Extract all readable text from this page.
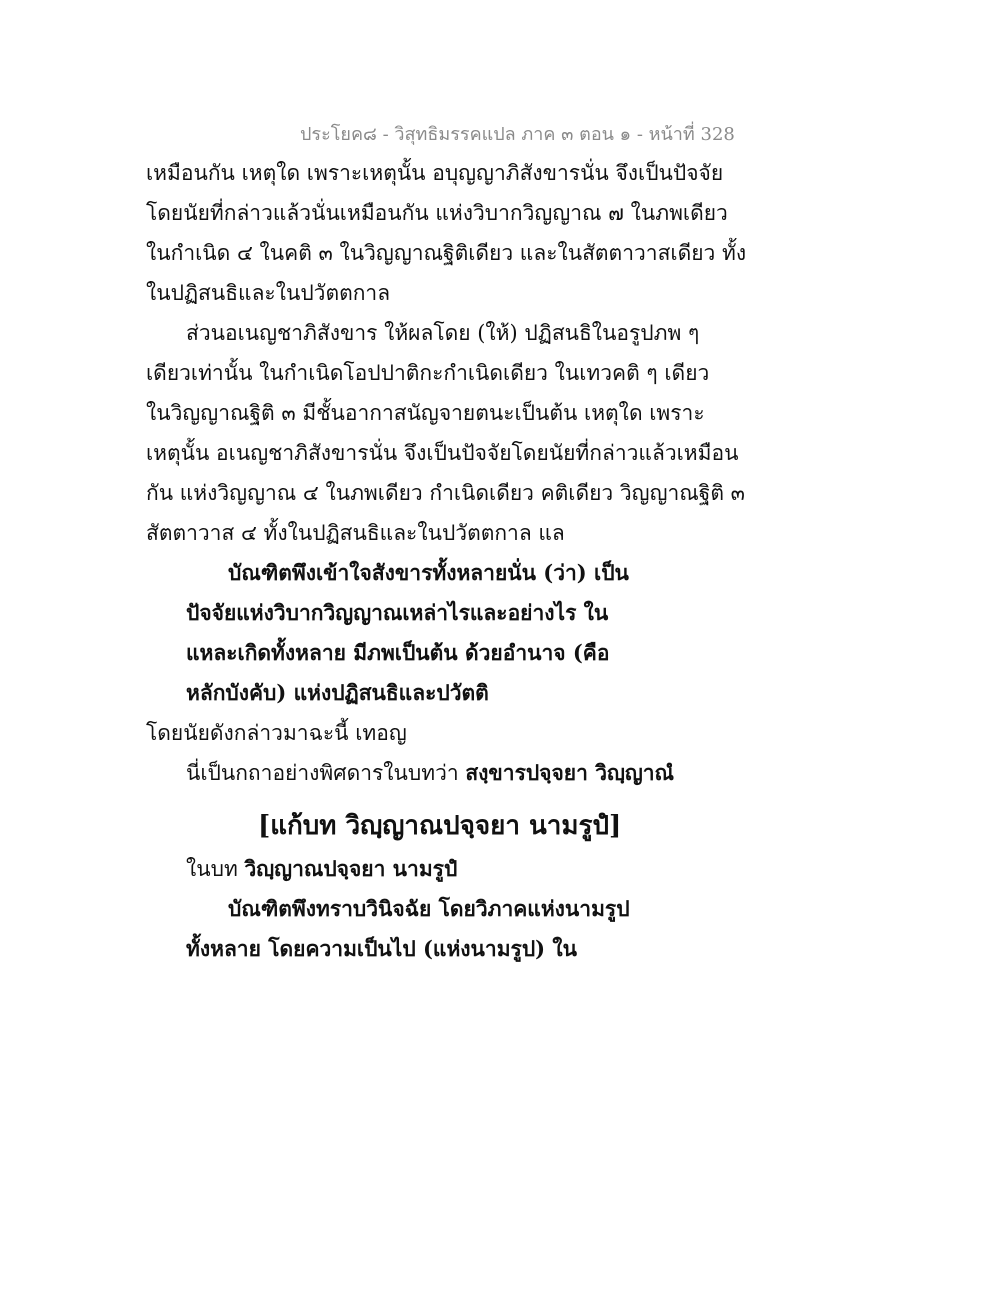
ประโยค๘ - วิสุทธิมรรคแปล ภาค ๓ ตอน ๑ - หน้าที่ 328
เหมือนกัน เหตุใด เพราะเหตุนั้น อบุญญาภิสังขารนั่น จึงเป็นปัจจัย
โดยนัยที่กล่าวแล้วนั่นเหมือนกัน แห่งวิบากวิญญาณ ๗ ในภพเดียว
ในกำเนิด ๔ ในคติ ๓ ในวิญญาณฐิติเดียว และในสัตตาวาสเดียว ทั้ง
ในปฏิสนธิและในปวัตตกาล
ส่วนอเนญชาภิสังขาร ให้ผลโดย (ให้) ปฏิสนธิในอรูปภพ ๆ
เดียวเท่านั้น ในกำเนิดโอปปาติกะกำเนิดเดียว ในเทวคติ ๆ เดียว
ในวิญญาณฐิติ ๓ มีชั้นอากาสนัญจายตนะเป็นต้น เหตุใด เพราะ
เหตุนั้น อเนญชาภิสังขารนั่น จึงเป็นปัจจัยโดยนัยที่กล่าวแล้วเหมือน
กัน แห่งวิญญาณ ๔ ในภพเดียว กำเนิดเดียว คติเดียว วิญญาณฐิติ ๓
สัตตาวาส ๔ ทั้งในปฏิสนธิและในปวัตตกาล แล
บัณฑิตพึงเข้าใจสังขารทั้งหลายนั่น (ว่า) เป็น
ปัจจัยแห่งวิบากวิญญาณเหล่าไรและอย่างไร ใน
แหละเกิดทั้งหลาย มีภพเป็นต้น ด้วยอำนาจ (คือ
หลักบังคับ) แห่งปฏิสนธิและปวัตติ
โดยนัยดังกล่าวมาฉะนี้ เทอญ
นี่เป็นกถาอย่างพิศดารในบทว่า สงฺขารปจฺจยา วิญฺญาณํ
[แก้บท วิญฺญาณปจฺจยา นามรูปํ]
ในบท วิญฺญาณปจฺจยา นามรูปํ
บัณฑิตพึงทราบวินิจฉัย โดยวิภาคแห่งนามรูป
ทั้งหลาย โดยความเป็นไป (แห่งนามรูป) ใน
